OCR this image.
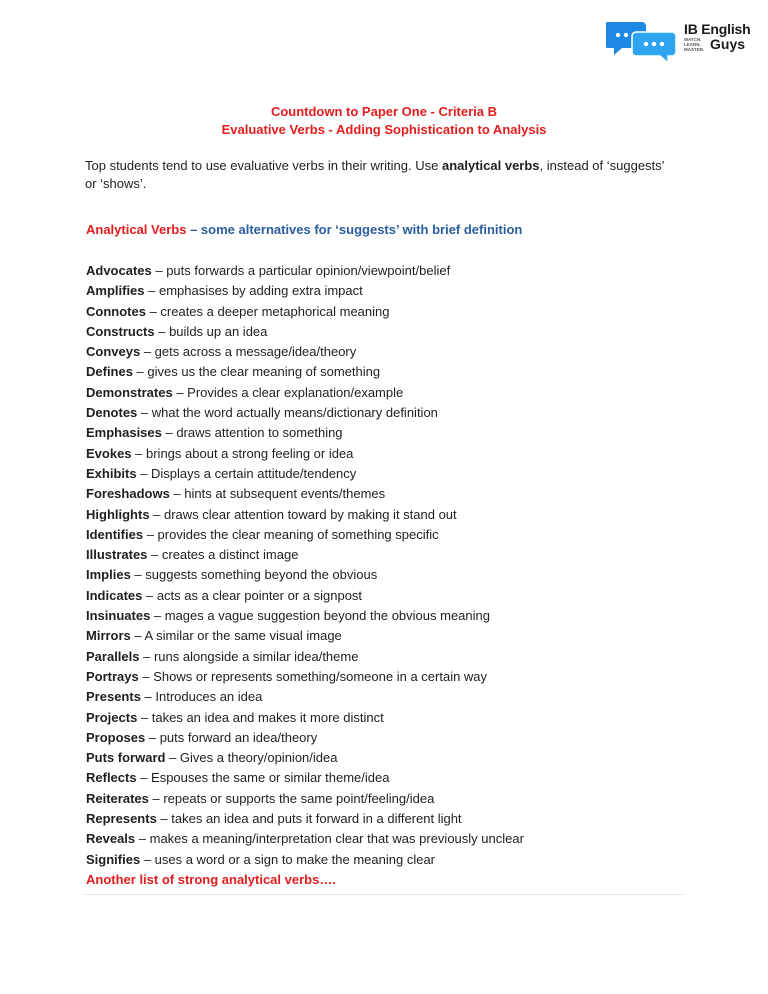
IB English
Guys
WATCH. LEARN. MASTER.
Countdown to Paper One - Criteria B
Evaluative Verbs - Adding Sophistication to Analysis

Top students tend to use evaluative verbs in their writing. Use analytical verbs, instead of ‘suggests’ or ‘shows’.

Analytical Verbs – some alternatives for ‘suggests’ with brief definition
Advocates – puts forwards a particular opinion/viewpoint/belief
Amplifies – emphasises by adding extra impact
Connotes – creates a deeper metaphorical meaning
Constructs – builds up an idea
Conveys – gets across a message/idea/theory
Defines – gives us the clear meaning of something
Demonstrates – Provides a clear explanation/example
Denotes – what the word actually means/dictionary definition
Emphasises – draws attention to something
Evokes – brings about a strong feeling or idea
Exhibits – Displays a certain attitude/tendency
Foreshadows – hints at subsequent events/themes
Highlights – draws clear attention toward by making it stand out
Identifies – provides the clear meaning of something specific
Illustrates – creates a distinct image
Implies – suggests something beyond the obvious
Indicates – acts as a clear pointer or a signpost
Insinuates – mages a vague suggestion beyond the obvious meaning
Mirrors – A similar or the same visual image
Parallels – runs alongside a similar idea/theme
Portrays – Shows or represents something/someone in a certain way
Presents – Introduces an idea
Projects – takes an idea and makes it more distinct
Proposes – puts forward an idea/theory
Puts forward – Gives a theory/opinion/idea
Reflects – Espouses the same or similar theme/idea
Reiterates – repeats or supports the same point/feeling/idea
Represents – takes an idea and puts it forward in a different light
Reveals – makes a meaning/interpretation clear that was previously unclear
Signifies – uses a word or a sign to make the meaning clear
Another list of strong analytical verbs….
